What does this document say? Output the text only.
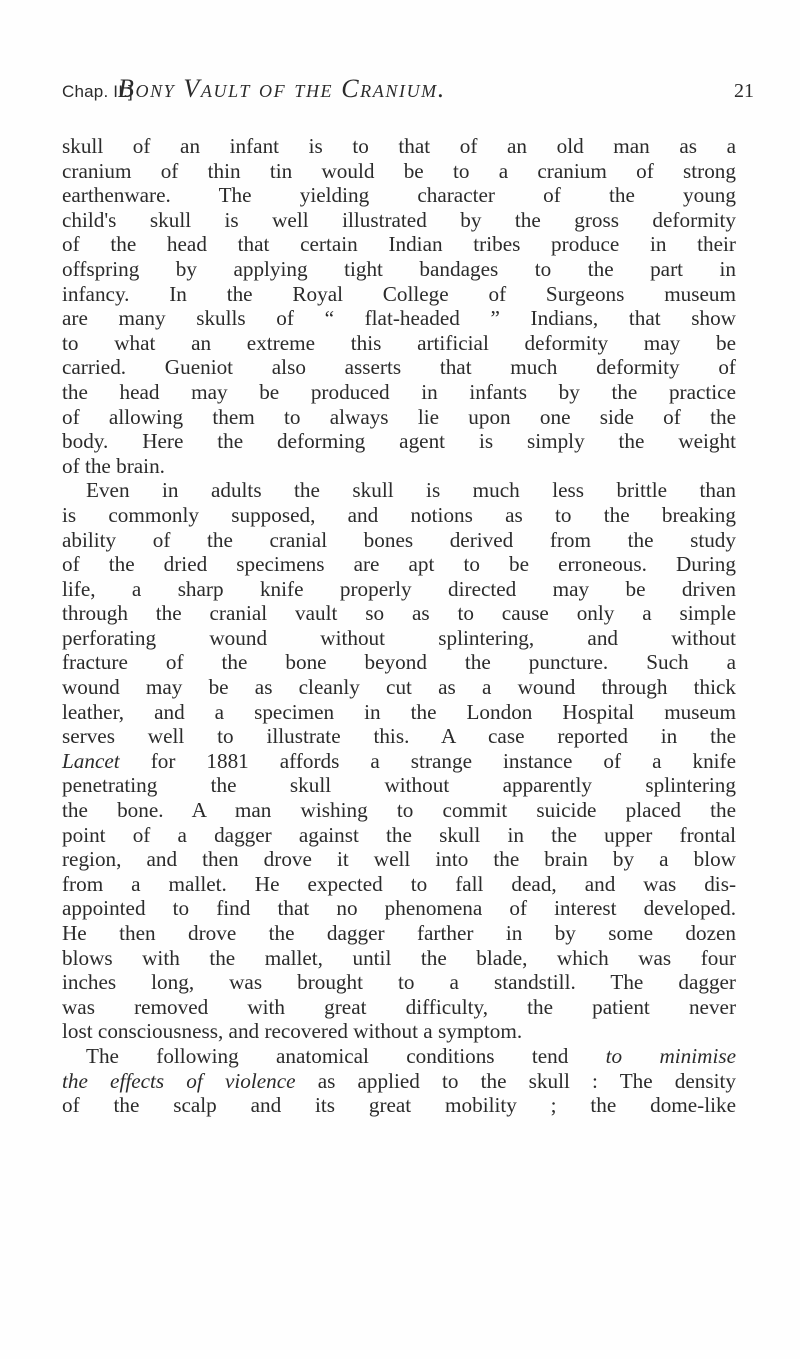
Chap. II.]
Bony Vault of the Cranium.	21
skull of an infant is to that of an old man as a
cranium of thin tin would be to a cranium of strong
earthenware. The yielding character of the young
child's skull is well illustrated by the gross deformity
of the head that certain Indian tribes produce in their
offspring by applying tight bandages to the part in
infancy. In the Royal College of Surgeons museum
are many skulls of “ flat-headed ” Indians, that show
to what an extreme this artificial deformity may be
carried. Gueniot also asserts that much deformity of
the head may be produced in infants by the practice
of allowing them to always lie upon one side of the
body. Here the deforming agent is simply the weight
of the brain.
Even in adults the skull is much less brittle than
is commonly supposed, and notions as to the breaking
ability of the cranial bones derived from the study
of the dried specimens are apt to be erroneous. During
life, a sharp knife properly directed may be driven
through the cranial vault so as to cause only a simple
perforating wound without splintering, and without
fracture of the bone beyond the puncture. Such a
wound may be as cleanly cut as a wound through thick
leather, and a specimen in the London Hospital museum
serves well to illustrate this. A case reported in the
Lancet for 1881 affords a strange instance of a knife
penetrating the skull without apparently splintering
the bone. A man wishing to commit suicide placed the
point of a dagger against the skull in the upper frontal
region, and then drove it well into the brain by a blow
from a mallet. He expected to fall dead, and was dis-
appointed to find that no phenomena of interest developed.
He then drove the dagger farther in by some dozen
blows with the mallet, until the blade, which was four
inches long, was brought to a standstill. The dagger
was removed with great difficulty, the patient never
lost consciousness, and recovered without a symptom.
The following anatomical conditions tend to minimise
the effects of violence as applied to the skull : The density
of the scalp and its great mobility ; the dome-like
